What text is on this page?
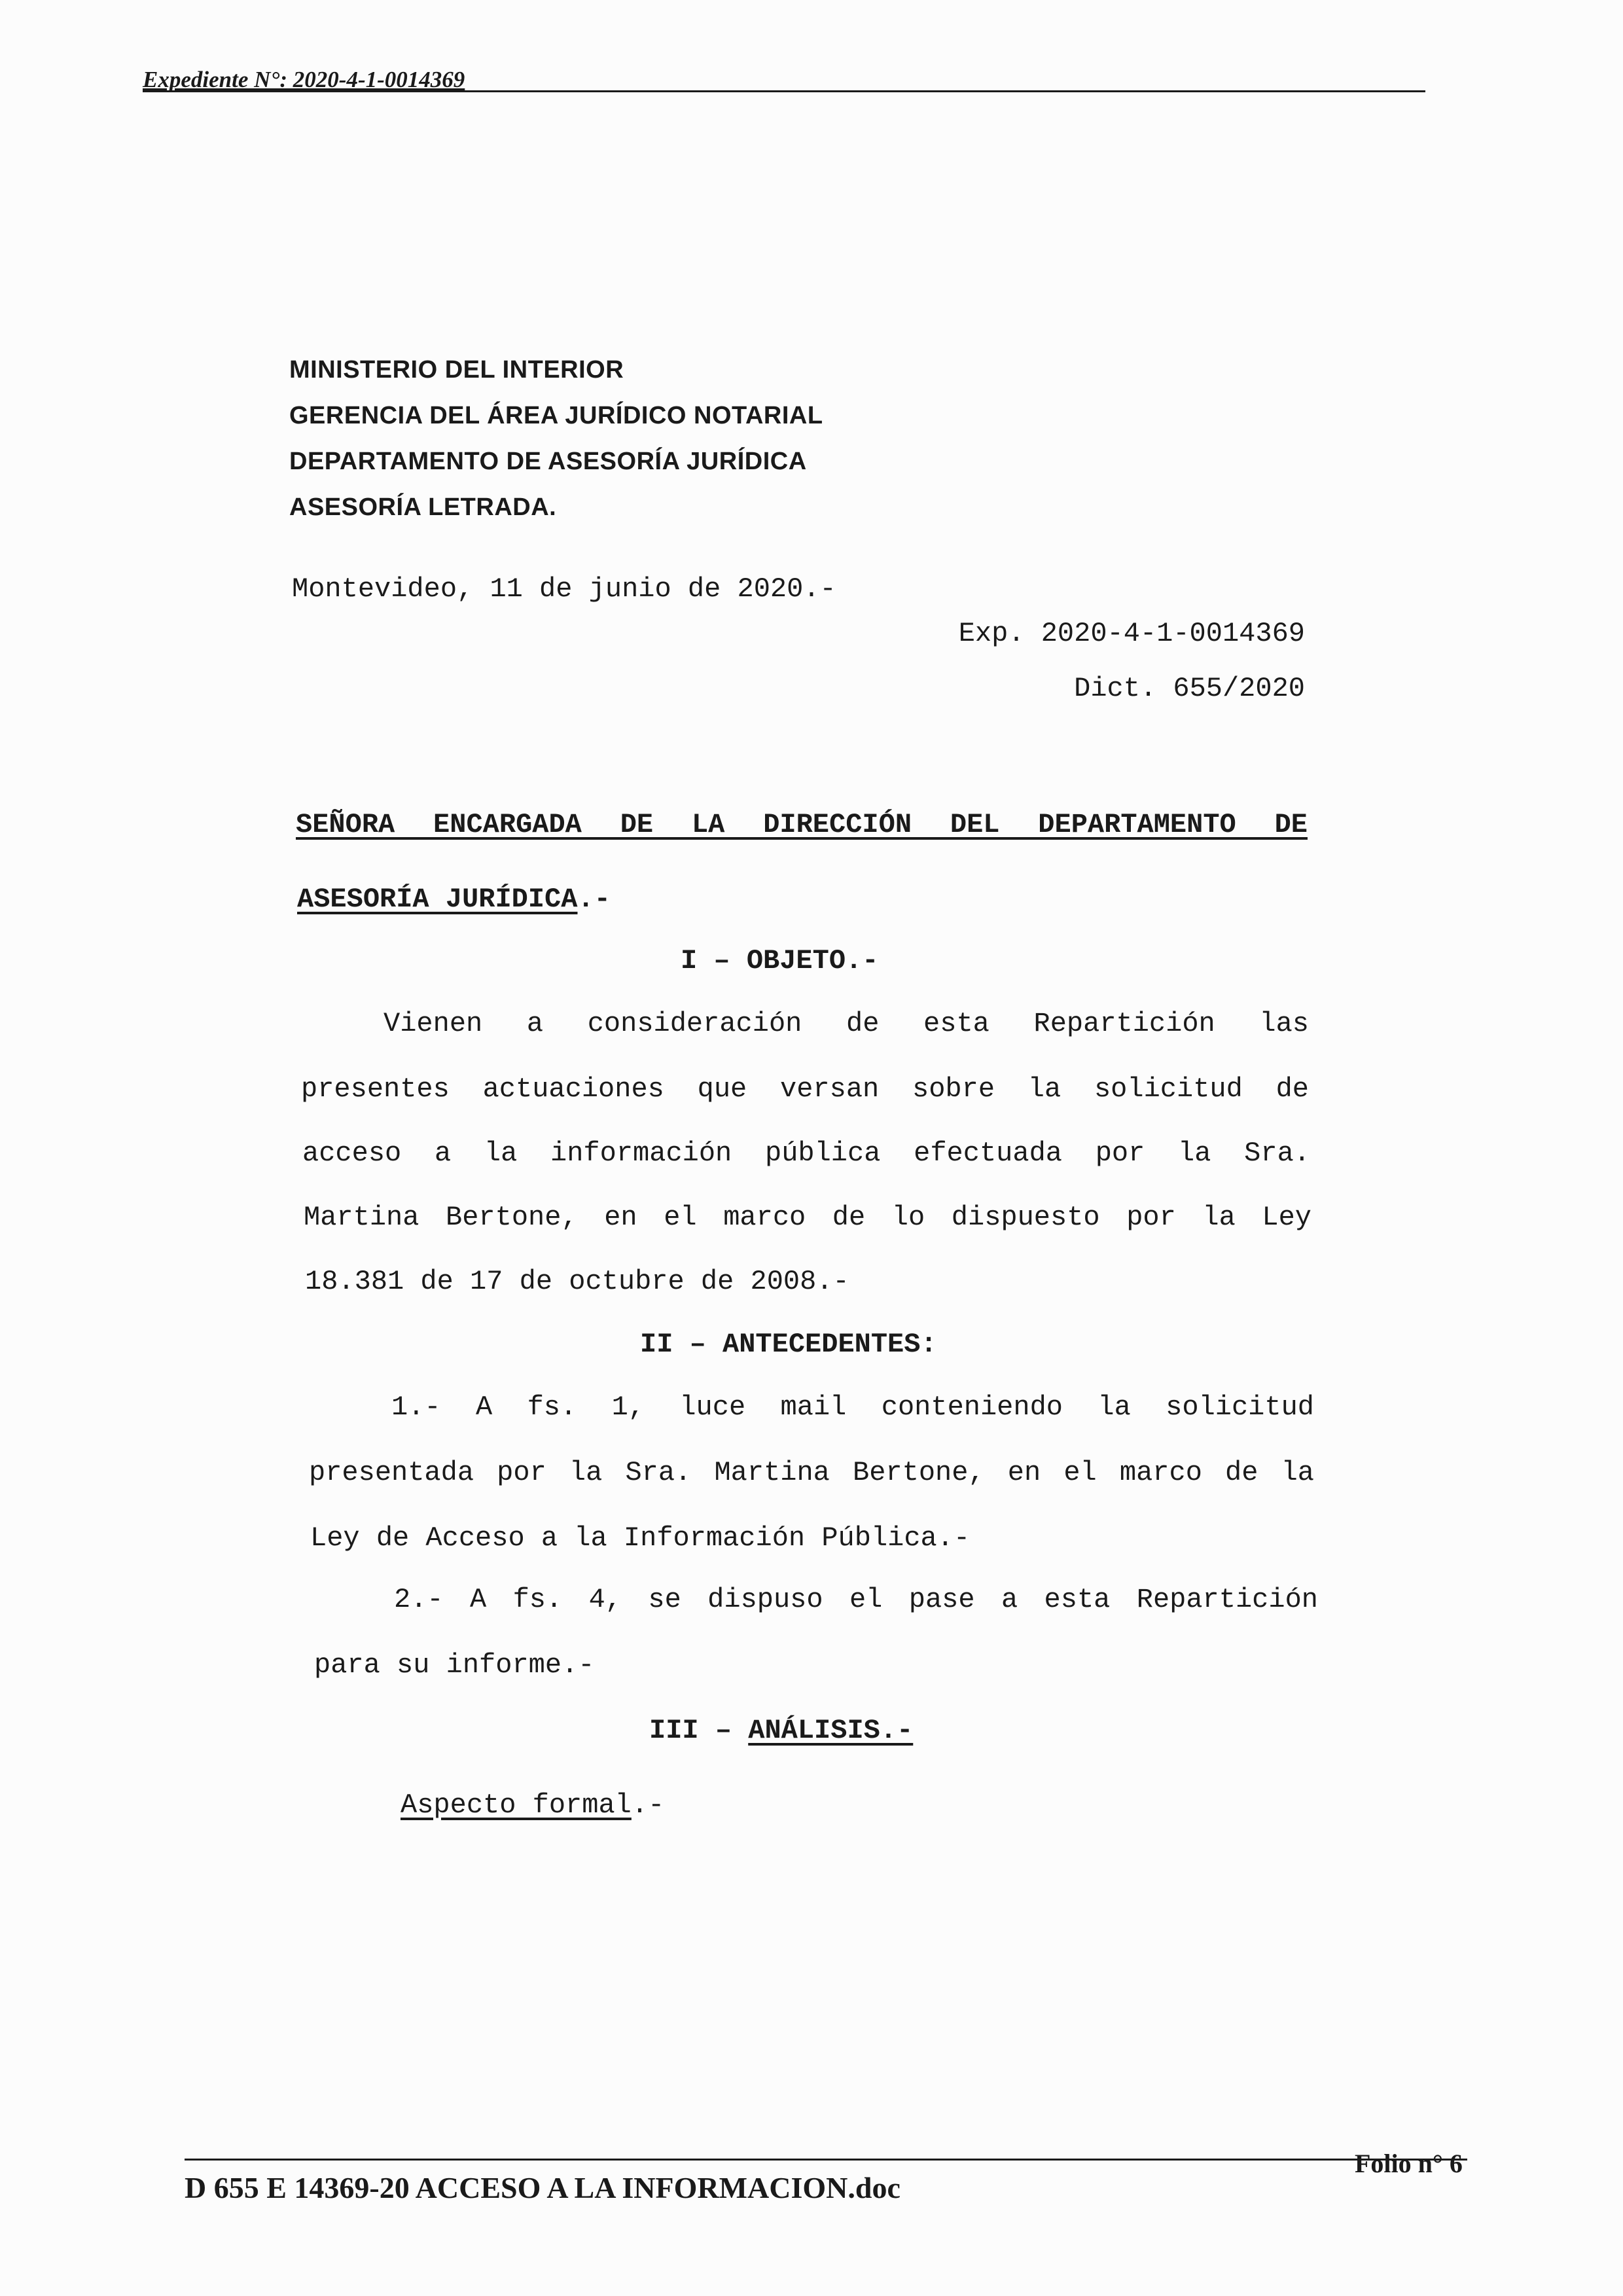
Expediente N°: 2020-4-1-0014369
MINISTERIO DEL INTERIOR
GERENCIA DEL ÁREA JURÍDICO NOTARIAL
DEPARTAMENTO DE ASESORÍA JURÍDICA
ASESORÍA LETRADA.
Montevideo, 11 de junio de 2020.-
Exp. 2020-4-1-0014369
Dict. 655/2020
SEÑORA ENCARGADA DE LA DIRECCIÓN DEL DEPARTAMENTO DE
ASESORÍA JURÍDICA.-
I – OBJETO.-
Vienen a consideración de esta Repartición las
presentes actuaciones que versan sobre la solicitud de
acceso a la información pública efectuada por la Sra.
Martina Bertone, en el marco de lo dispuesto por la Ley
18.381 de 17 de octubre de 2008.-
II – ANTECEDENTES:
1.- A fs. 1, luce mail conteniendo la solicitud
presentada por la Sra. Martina Bertone, en el marco de la
Ley de Acceso a la Información Pública.-
2.- A fs. 4, se dispuso el pase a esta Repartición
para su informe.-
III – ANÁLISIS.-
Aspecto formal.-
D 655 E 14369-20 ACCESO A LA INFORMACION.doc
Folio n° 6
